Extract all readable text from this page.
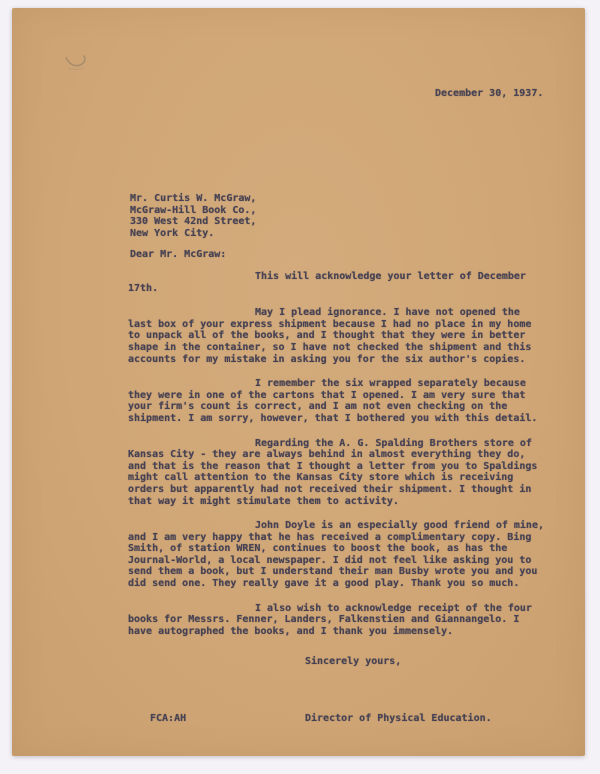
December 30, 1937.
Mr. Curtis W. McGraw,
McGraw-Hill Book Co.,
330 West 42nd Street,
New York City.
Dear Mr. McGraw:

This will acknowledge your letter of December 17th.

May I plead ignorance. I have not opened the last box of your express shipment because I had no place in my home to unpack all of the books, and I thought that they were in better shape in the container, so I have not checked the shipment and this accounts for my mistake in asking you for the six author's copies.

I remember the six wrapped separately because they were in one of the cartons that I opened. I am very sure that your firm's count is correct, and I am not even checking on the shipment. I am sorry, however, that I bothered you with this detail.

Regarding the A. G. Spalding Brothers store of Kansas City - they are always behind in almost everything they do, and that is the reason that I thought a letter from you to Spaldings might call attention to the Kansas City store which is receiving orders but apparently had not received their shipment. I thought in that way it might stimulate them to activity.

John Doyle is an especially good friend of mine, and I am very happy that he has received a complimentary copy. Bing Smith, of station WREN, continues to boost the book, as has the Journal-World, a local newspaper. I did not feel like asking you to send them a book, but I understand their man Busby wrote you and you did send one. They really gave it a good play. Thank you so much.

I also wish to acknowledge receipt of the four books for Messrs. Fenner, Landers, Falkenstien and Giannangelo. I have autographed the books, and I thank you immensely.

Sincerely yours,
FCA:AH	Director of Physical Education.
